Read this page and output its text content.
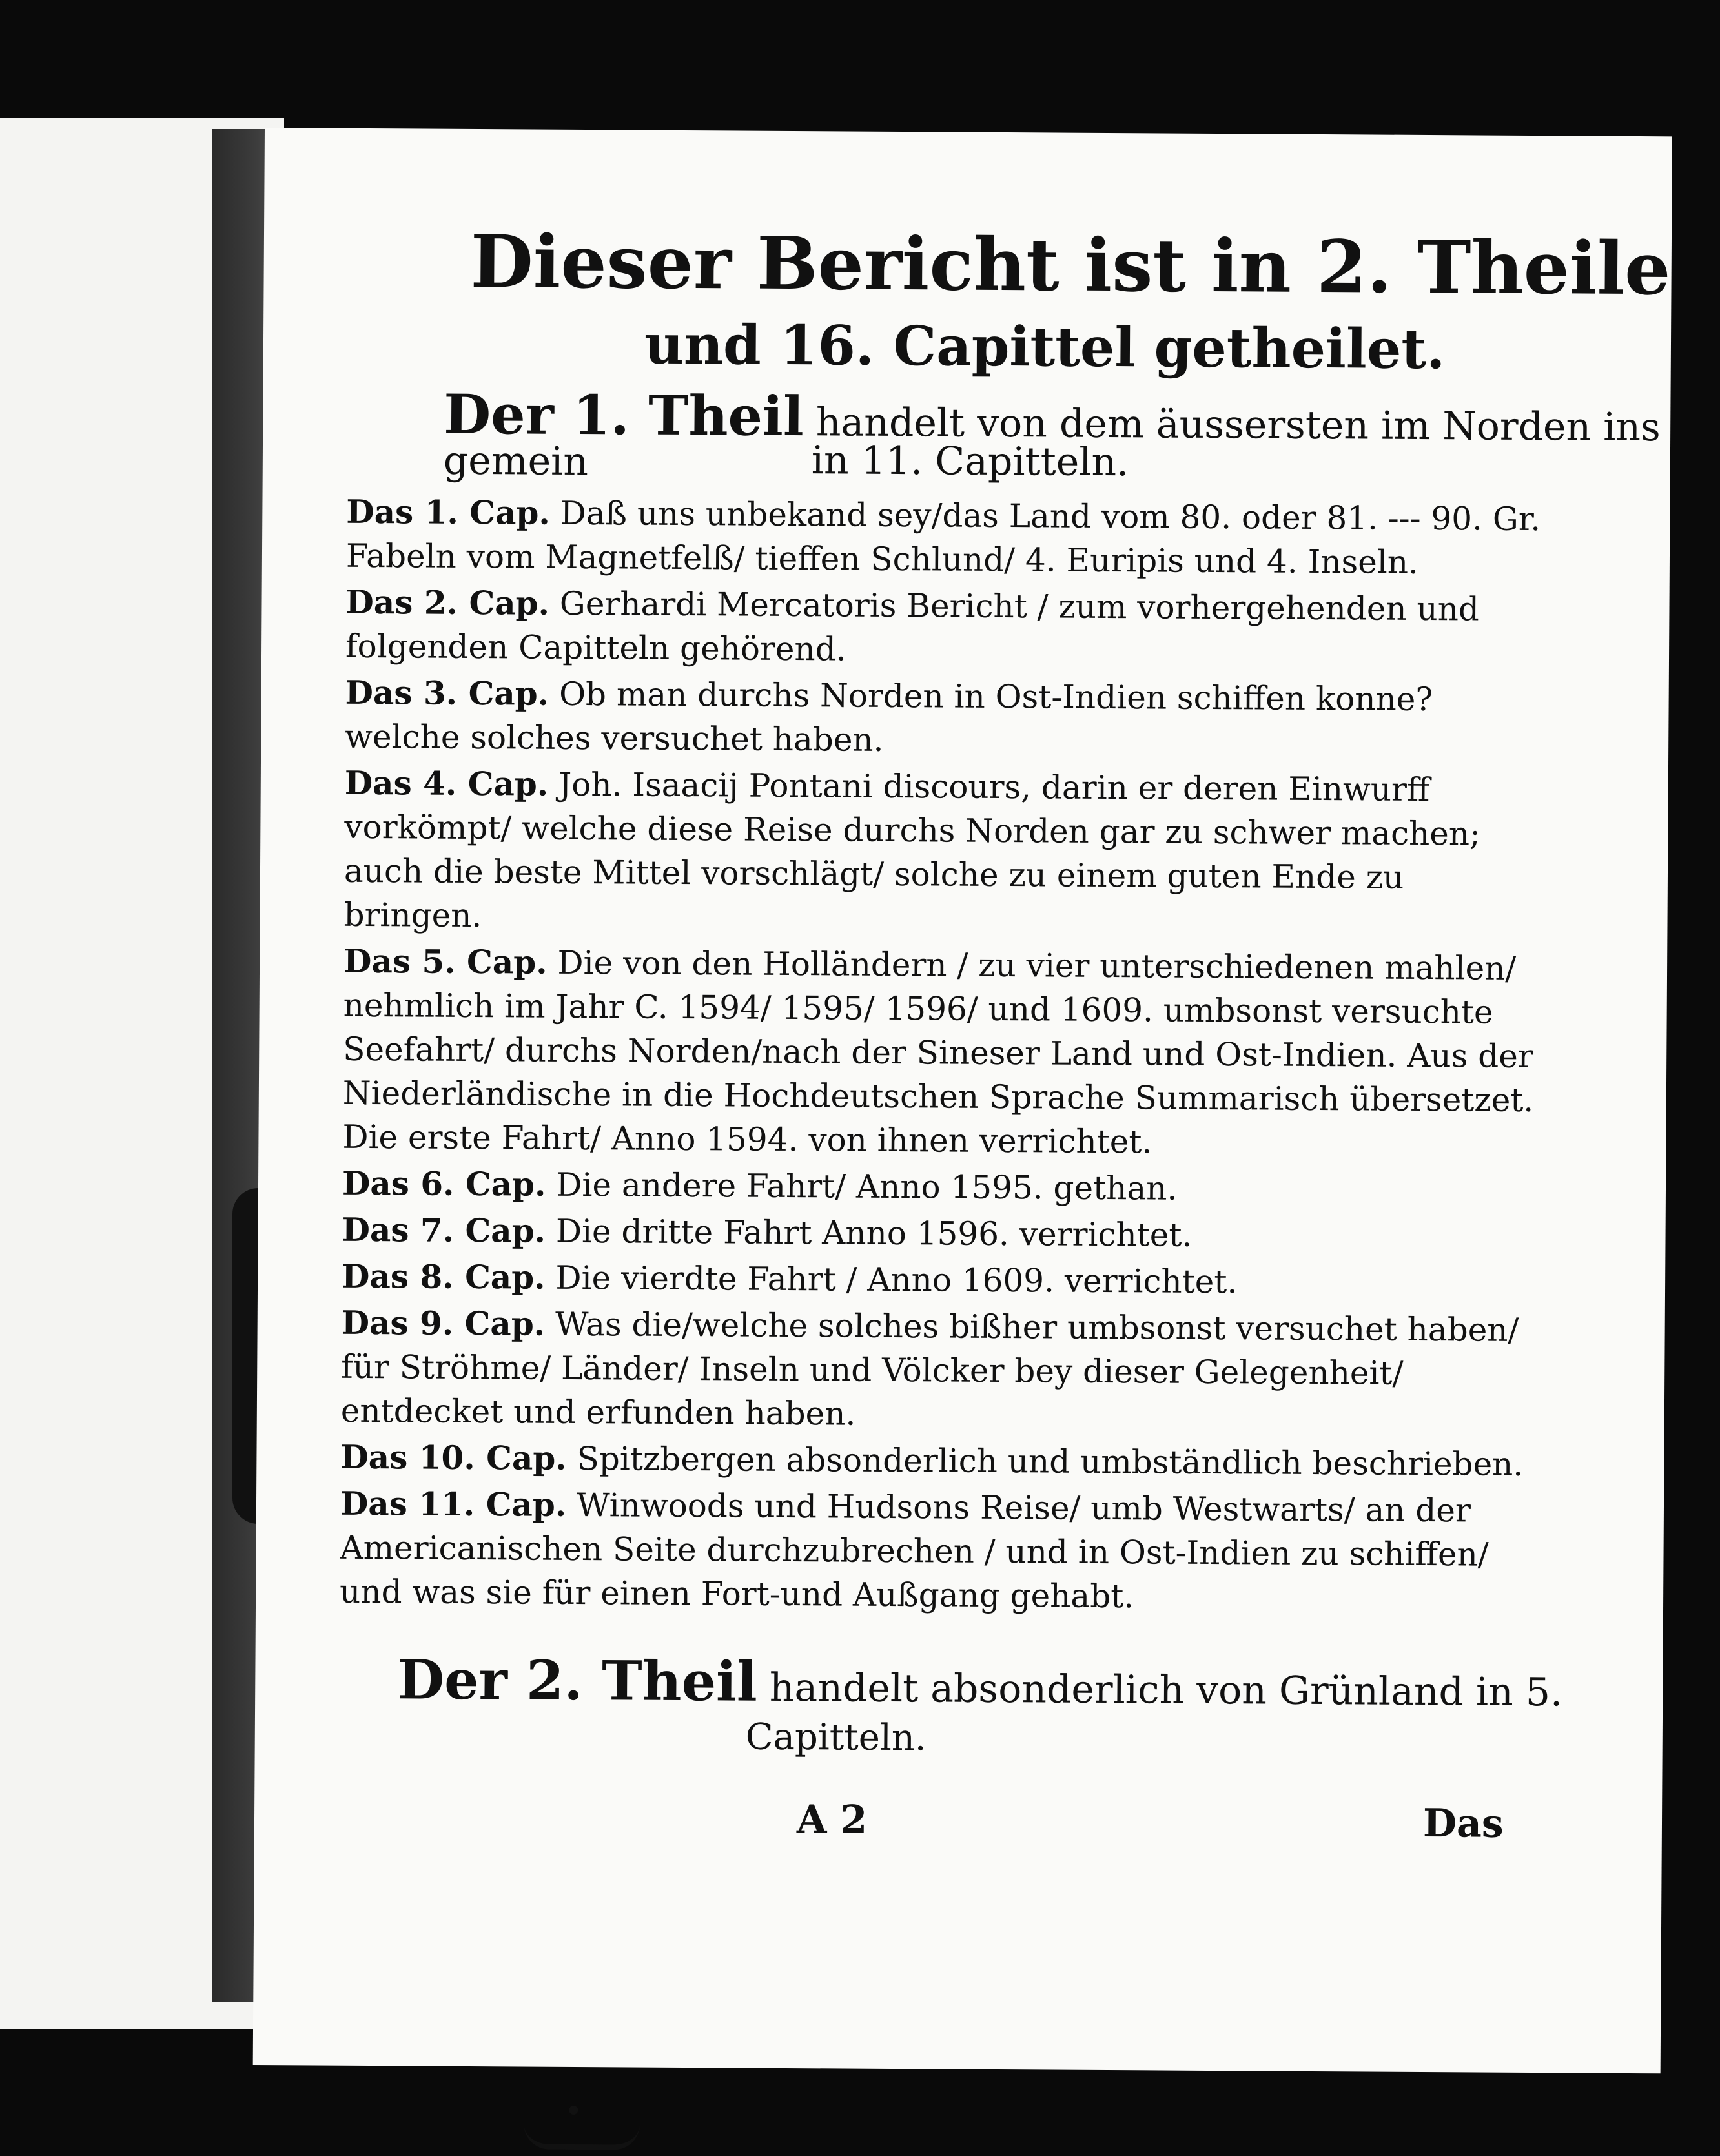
Dieser Bericht ist in 2. Theile
und 16. Capittel getheilet.
Der 1. Theil handelt von dem äussersten im Norden ins gemein	in 11. Capitteln.
Das 1. Cap. Daß uns unbekand sey/das Land vom 80. oder 81. --- 90. Gr. Fabeln vom Magnetfelß/ tieffen Schlund/ 4. Euripis und 4. Inseln.
Das 2. Cap. Gerhardi Mercatoris Bericht / zum vorhergehenden und folgenden Capitteln gehörend.
Das 3. Cap. Ob man durchs Norden in Ost-Indien schiffen konne? welche solches versuchet haben.
Das 4. Cap. Joh. Isaacij Pontani discours, darin er deren Einwurff vorkömpt/ welche diese Reise durchs Norden gar zu schwer machen; auch die beste Mittel vorschlägt/ solche zu einem guten Ende zu bringen.
Das 5. Cap. Die von den Holländern / zu vier unterschiedenen mahlen/ nehmlich im Jahr C. 1594/ 1595/ 1596/ und 1609. umbsonst versuchte Seefahrt/ durchs Norden/nach der Sineser Land und Ost-Indien. Aus der Niederländische in die Hochdeutschen Sprache Summarisch übersetzet. Die erste Fahrt/ Anno 1594. von ihnen verrichtet.
Das 6. Cap. Die andere Fahrt/ Anno 1595. gethan.
Das 7. Cap. Die dritte Fahrt Anno 1596. verrichtet.
Das 8. Cap. Die vierdte Fahrt / Anno 1609. verrichtet.
Das 9. Cap. Was die/welche solches bißher umbsonst versuchet haben/ für Ströhme/ Länder/ Inseln und Völcker bey dieser Gelegenheit/ entdecket und erfunden haben.
Das 10. Cap. Spitzbergen absonderlich und umbständlich beschrieben.
Das 11. Cap. Winwoods und Hudsons Reise/ umb Westwarts/ an der Americanischen Seite durchzubrechen / und in Ost-Indien zu schiffen/ und was sie für einen Fort-und Außgang gehabt.
Der 2. Theil handelt absonderlich von Grünland in 5.
Capitteln.
A 2	Das
